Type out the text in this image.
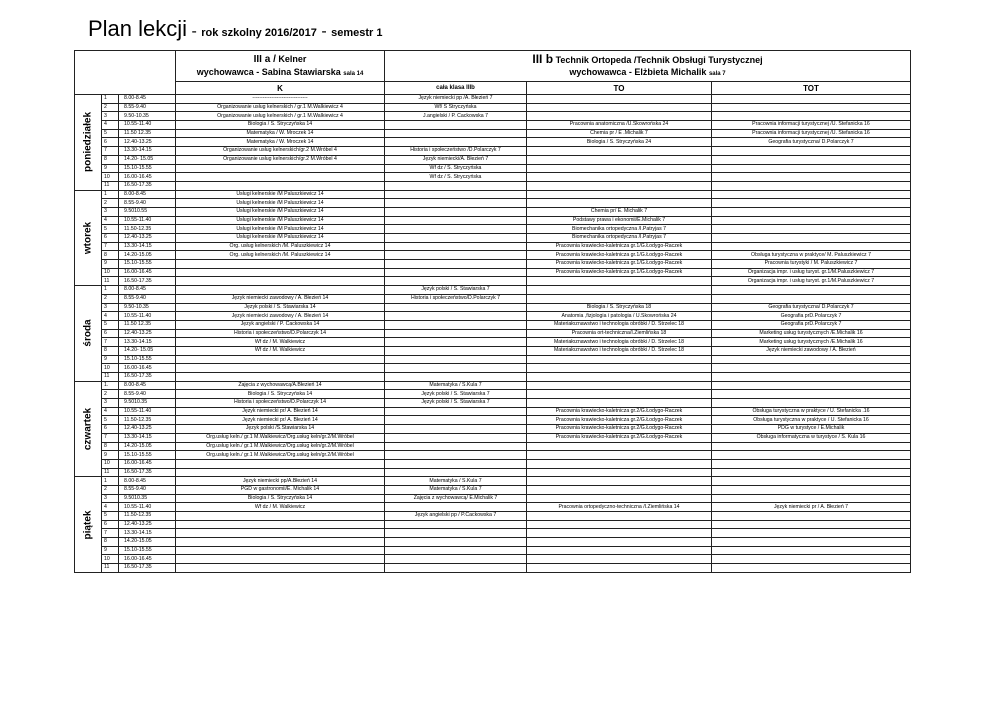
Plan lekcji - rok szkolny 2016/2017 - semestr 1
			III a / Kelner
wychowawca - Sabina Stawiarska sala 14	III b Technik Ortopeda /Technik Obsługi Turystycznej
wychowawca - Elżbieta Michalik sala 7		
			K	cała klasa IIIb	TO	TOT

poniedziałek	1	8.00-8.45	--------------------------------	Język niemiecki pp /A. Błezień 7		
	2	8.55-9.40	Organizowanie usług kelnerskich / gr.1 M.Walkiewicz 4	Wf/ S Stryczyńska		
	3	9.50-10.35	Organizowanie usług kelnerskich / gr.1 M.Walkiewicz 4	J.angielski / P. Cackowska 7		
	4	10.55-11.40	Biologia / S. Stryczyńska 14		Pracownia anatomiczna /U.Skowrońska 24	Pracownia informacji turystycznej /U. Stefanicka 16
	5	11.50 12.35	Matematyka / W. Mroczek 14		Chemia pr / E .Michalik 7	Pracownia informacji turystycznej /U. Stefanicka 16
	6	12.40-13.25	Matematyka / W. Mroczek 14		Biologia / S. Stryczyńska 24	Geografia turystyczna/ D.Polarczyk 7
	7	13.30-14.15	Organizowanie usług kelnerskich/gr.2 M.Wróbel 4	Historia i społeczeństwo /D.Polarczyk 7		
	8	14.20- 15.05	Organizowanie usług kelnerskich/gr.2 M.Wróbel 4	Język niemiecki/A. Błezień 7		
	9	15.10-15.55		Wf dz / S. Stryczyńska		
	10	16.00-16.45		Wf dz / S. Stryczyńska		
	11	16.50-17.35				

wtorek	1	8.00-8.45	Usługi kelnerskie /M Paluszkiewicz 14			
	2	8.55-9.40	Usługi kelnerskie /M Paluszkiewicz 14			
	3	9.5010.55	Usługi kelnerskie /M Paluszkiewicz 14		Chemia pr/ E. Michalik 7	
	4	10.55-11.40	Usługi kelnerskie /M Paluszkiewicz 14		Podstawy prawa i ekonomii/E.Michalik 7	
	5	11.50-12.35	Usługi kelnerskie /M Paluszkiewicz 14		Biomechanika ortopedyczna /I.Patryjas 7	
	6	12.40-13.25	Usługi kelnerskie /M Paluszkiewicz 14		Biomechanika ortopedyczna /I.Patryjas 7	
	7	13.30-14.15	Org. usług kelnerskich /M. Paluszkiewicz 14		Pracownia krawiecko-kaletnicza gr.1/G.Łodygo-Raczek	
	8	14.20-15.05	Org. usług kelnerskich /M. Paluszkiewicz 14		Pracownia krawiecko-kaletnicza gr.1/G.Łodygo-Raczek	Obsługa turystyczna w praktyce/ M. Paluszkiewicz 7
	9	15.10-15.55			Pracownia krawiecko-kaletnicza gr.1/G.Łodygo-Raczek	Pracownia turystyki / M. Paluszkiewicz 7
	10	16.00-16.45			Pracownia krawiecko-kaletnicza gr.1/G.Łodygo-Raczek	Organizacja impr. i usług turyst. gr.1/M.Paluszkiewicz 7
	11	16.50-17.35				Organizacja impr. i usług turyst. gr.1/M.Paluszkiewicz 7

środa	1	8.00-8.45		Język polski / S. Stawiarska 7		
	2	8.55-9.40	Język niemiecki zawodowy / A. Błezień 14	Historia i społeczeństwo/D.Polarczyk 7		
	3	9.50-10.35	Język polski / S. Stawiarska 14		Biologia / S. Stryczyńska 18	Geografia turystyczna/ D.Polarczyk 7
	4	10.55-11.40	Język niemiecki zawodowy / A. Błezień 14		Anatomia ,fizjologia i patologia / U.Skowrońska 24	Geografia prD.Polarczyk 7
	5	11.50 12.35	Język angielski / P. Cackowska 14		Materiałoznawstwo i technologia obróbki / D. Strzelec 18	Geografia prD.Polarczyk 7
	6	12.40-13.25	Historia i społeczeństwo/D.Polarczyk 14		Pracownia ort-techniczna/I.Ziemlińska 18	Marketing usług turystycznych /E.Michalik 16
	7	13.30-14.15	Wf dz / M. Walkiewicz		Materiałoznawstwo i technologia obróbki / D. Strzelec 18	Marketing usług turystycznych /E.Michalik 16
	8	14.20- 15.05	Wf dz / M. Walkiewicz		Materiałoznawstwo i technologia obróbki / D. Strzelec 18	Język niemiecki zawodowy / A. Błezień
	9	15.10-15.55				
	10	16.00-16.45				
	11	16.50-17.35				

czwartek	1.	8.00-8.45	Zajęcia z wychowawcą/A.Błezień 14	Matematyka / S.Kula 7		
	2	8.55-9.40	Biologia / S. Stryczyńska 14	Język polski / S. Stawiarska 7		
	3	9.5010.35	Historia i społeczeństwo/D.Polarczyk 14	Język polski / S. Stawiarska 7		
	4	10.55-11.40	Język niemiecki pr/ A. Błezień 14		Pracownia krawiecko-kaletnicza gr.2/G.Łodygo-Raczek	Obsługa turystyczna w praktyce / U. Stefanicka .16
	5	11.50-12.35	Język niemiecki pr/ A. Błezień 14		Pracownia krawiecko-kaletnicza gr.2/G.Łodygo-Raczek	Obsługa turystyczna w praktyce / U. Stefanicka 16
	6	12.40-13.25	Język polski /S.Stawiarska 14		Pracownia krawiecko-kaletnicza gr.2/G.Łodygo-Raczek	PDG w turystyce / E.Michalik
	7	13.30-14.15	Org.usług keln./ gr.1 M.Walkiewicz/Org.usług keln/gr.2/M.Wróbel		Pracownia krawiecko-kaletnicza gr.2/G.Łodygo-Raczek	Obsługa informatyczna w turystyce / S. Kula 16
	8	14.20-15.05	Org.usług keln./ gr.1 M.Walkiewicz/Org.usług keln/gr.2/M.Wróbel			
	9	15.10-15.55	Org.usług keln./ gr.1 M.Walkiewicz/Org.usług keln/gr.2/M.Wróbel			
	10	16.00-16.45				
	11	16.50-17.35				

piątek	1	8.00-8.45	Język niemiecki pp/A.Błezień 14	Matematyka / S.Kula 7		
	2	8.55-9.40	PGD w gastronomii/E. Michalik 14	Matematyka / S.Kula 7		
	3	9.5010.35	Biologia / S. Stryczyńska 14	Zajęcia z wychowawcą/ E.Michalik 7		
	4	10.55-11.40	Wf dz / M. Walkiewicz		Pracownia ortopedyczno-techniczna /I.Ziemlińska 14	Język niemiecki pr / A. Błezień 7
	5	11.50-12.35		Język angielski pp / P.Cackowska 7		
	6	12.40-13.25				
	7	13.30-14.15				
	8	14.20-15.05				
	9	15.10-15.55				
	10	16.00-16.45				
	11	16.50-17.35				
